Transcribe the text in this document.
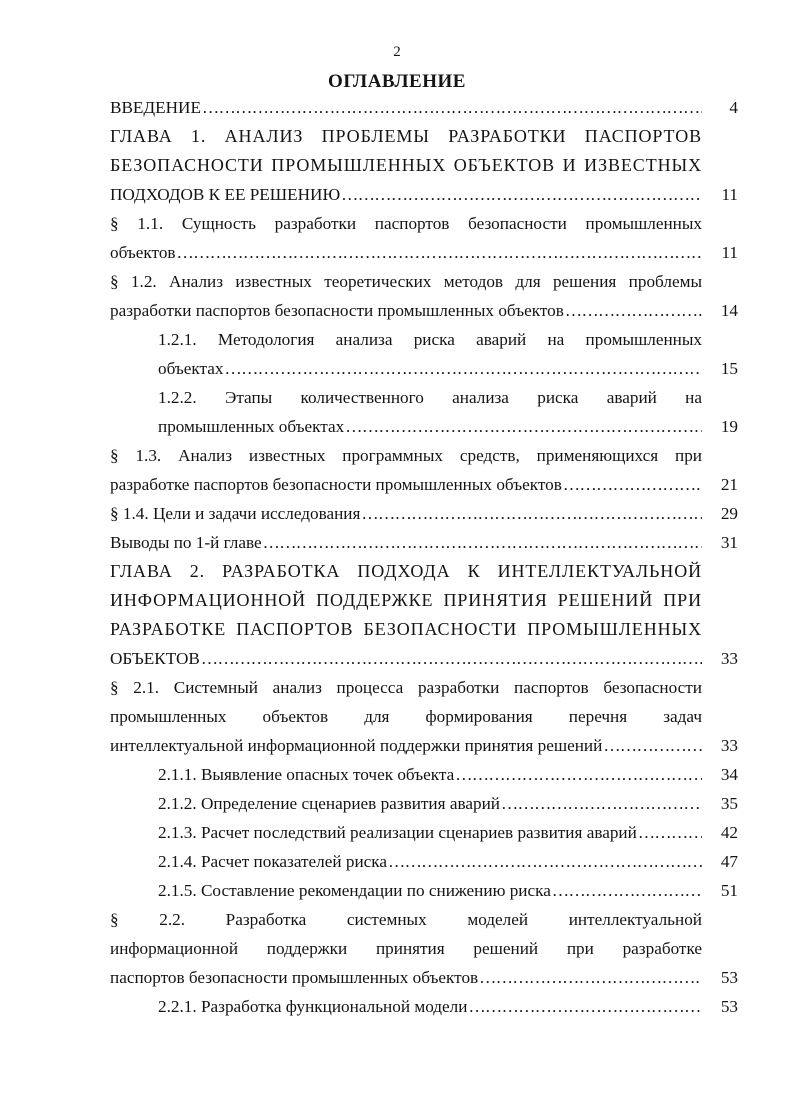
2
ОГЛАВЛЕНИЕ
ВВЕДЕНИЕ …………………………………………………………………………………………………………………………………………………………	4
ГЛАВА 1. АНАЛИЗ ПРОБЛЕМЫ РАЗРАБОТКИ ПАСПОРТОВ
БЕЗОПАСНОСТИ ПРОМЫШЛЕННЫХ ОБЪЕКТОВ И ИЗВЕСТНЫХ
ПОДХОДОВ К ЕЕ РЕШЕНИЮ …………………………………………………………………………………………………………………………………………………………	11
§ 1.1. Сущность разработки паспортов безопасности промышленных
объектов …………………………………………………………………………………………………………………………………………………………	11
§ 1.2. Анализ известных теоретических методов для решения проблемы
разработки паспортов безопасности промышленных объектов …………………………………………………………………………………………………………………………………………………………	14
1.2.1. Методология анализа риска аварий на промышленных
объектах …………………………………………………………………………………………………………………………………………………………	15
1.2.2. Этапы количественного анализа риска аварий на
промышленных объектах …………………………………………………………………………………………………………………………………………………………	19
§ 1.3. Анализ известных программных средств, применяющихся при
разработке паспортов безопасности промышленных объектов …………………………………………………………………………………………………………………………………………………………	21
§ 1.4. Цели и задачи исследования …………………………………………………………………………………………………………………………………………………………	29
Выводы по 1-й главе …………………………………………………………………………………………………………………………………………………………	31
ГЛАВА 2. РАЗРАБОТКА ПОДХОДА К ИНТЕЛЛЕКТУАЛЬНОЙ
ИНФОРМАЦИОННОЙ ПОДДЕРЖКЕ ПРИНЯТИЯ РЕШЕНИЙ ПРИ
РАЗРАБОТКЕ ПАСПОРТОВ БЕЗОПАСНОСТИ ПРОМЫШЛЕННЫХ
ОБЪЕКТОВ …………………………………………………………………………………………………………………………………………………………	33
§ 2.1. Системный анализ процесса разработки паспортов безопасности
промышленных объектов для формирования перечня задач
интеллектуальной информационной поддержки принятия решений …………………………………………………………………………………………………………………………………………………………	33
2.1.1. Выявление опасных точек объекта …………………………………………………………………………………………………………………………………………………………	34
2.1.2. Определение сценариев развития аварий …………………………………………………………………………………………………………………………………………………………	35
2.1.3. Расчет последствий реализации сценариев развития аварий …………………………………………………………………………………………………………………………………………………………	42
2.1.4. Расчет показателей риска …………………………………………………………………………………………………………………………………………………………	47
2.1.5. Составление рекомендации по снижению риска …………………………………………………………………………………………………………………………………………………………	51
§ 2.2. Разработка системных моделей интеллектуальной
информационной поддержки принятия решений при разработке
паспортов безопасности промышленных объектов …………………………………………………………………………………………………………………………………………………………	53
2.2.1. Разработка функциональной модели …………………………………………………………………………………………………………………………………………………………	53
